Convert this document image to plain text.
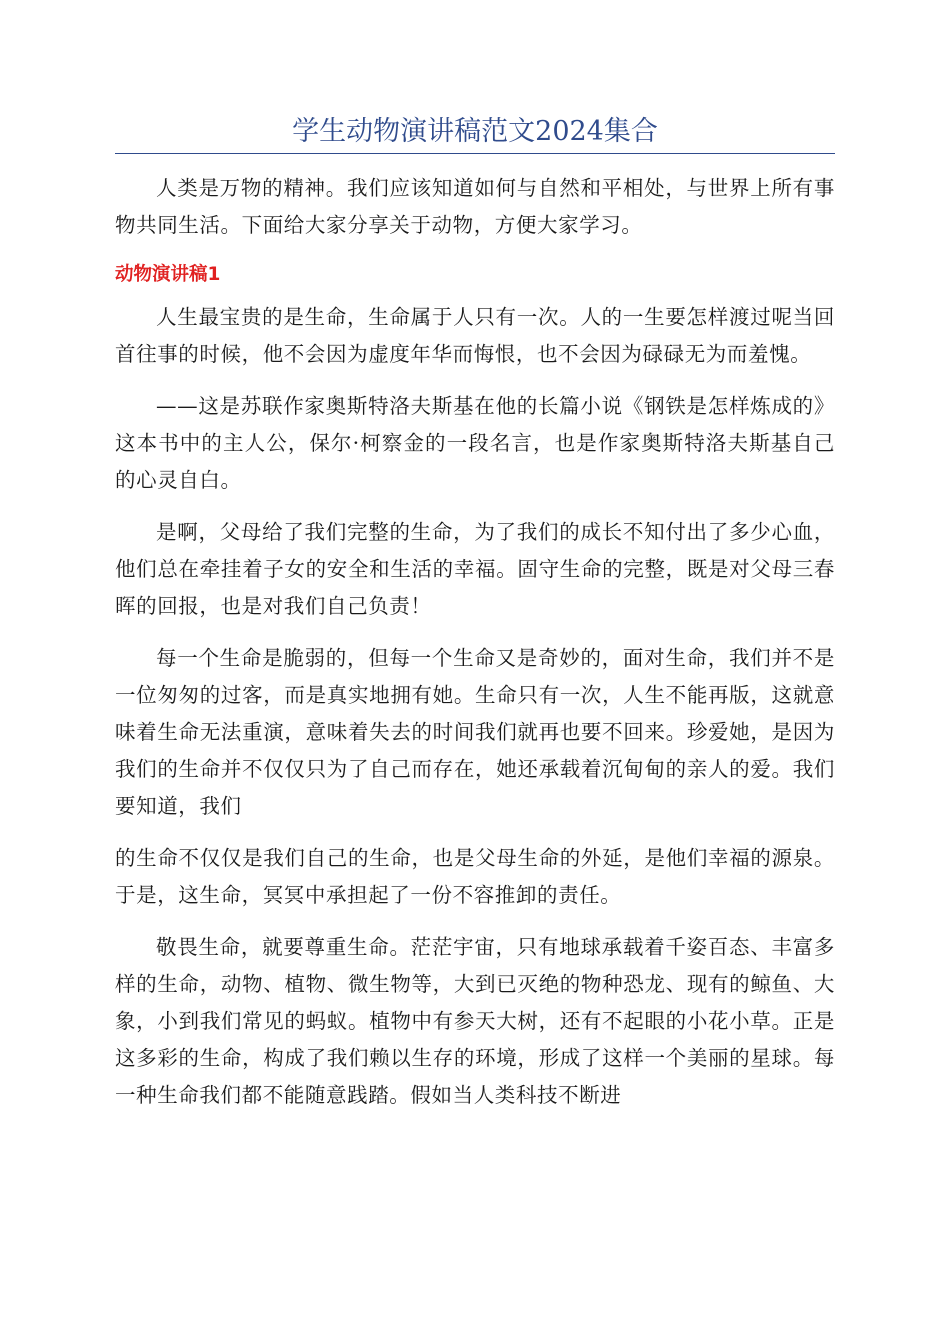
学生动物演讲稿范文2024集合

人类是万物的精神。我们应该知道如何与自然和平相处，与世界上所有事物共同生活。下面给大家分享关于动物，方便大家学习。

动物演讲稿1

人生最宝贵的是生命，生命属于人只有一次。人的一生要怎样渡过呢当回首往事的时候，他不会因为虚度年华而悔恨，也不会因为碌碌无为而羞愧。

——这是苏联作家奥斯特洛夫斯基在他的长篇小说《钢铁是怎样炼成的》这本书中的主人公，保尔·柯察金的一段名言，也是作家奥斯特洛夫斯基自己的心灵自白。

是啊，父母给了我们完整的生命，为了我们的成长不知付出了多少心血，他们总在牵挂着子女的安全和生活的幸福。固守生命的完整，既是对父母三春晖的回报，也是对我们自己负责！

每一个生命是脆弱的，但每一个生命又是奇妙的，面对生命，我们并不是一位匆匆的过客，而是真实地拥有她。生命只有一次，人生不能再版，这就意味着生命无法重演，意味着失去的时间我们就再也要不回来。珍爱她，是因为我们的生命并不仅仅只为了自己而存在，她还承载着沉甸甸的亲人的爱。我们要知道，我们

的生命不仅仅是我们自己的生命，也是父母生命的外延，是他们幸福的源泉。于是，这生命，冥冥中承担起了一份不容推卸的责任。

敬畏生命，就要尊重生命。茫茫宇宙，只有地球承载着千姿百态、丰富多样的生命，动物、植物、微生物等，大到已灭绝的物种恐龙、现有的鲸鱼、大象，小到我们常见的蚂蚁。植物中有参天大树，还有不起眼的小花小草。正是这多彩的生命，构成了我们赖以生存的环境，形成了这样一个美丽的星球。每一种生命我们都不能随意践踏。假如当人类科技不断进
